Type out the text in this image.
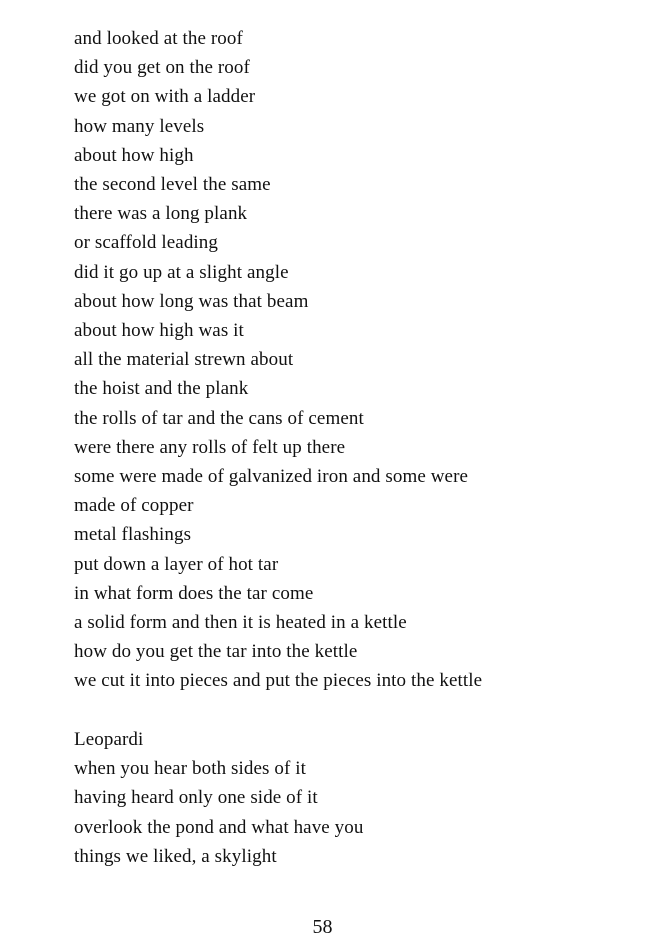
and looked at the roof
did you get on the roof
we got on with a ladder
how many levels
about how high
the second level the same
there was a long plank
or scaffold leading
did it go up at a slight angle
about how long was that beam
about how high was it
all the material strewn about
the hoist and the plank
the rolls of tar and the cans of cement
were there any rolls of felt up there
some were made of galvanized iron and some were
made of copper
metal flashings
put down a layer of hot tar
in what form does the tar come
a solid form and then it is heated in a kettle
how do you get the tar into the kettle
we cut it into pieces and put the pieces into the kettle
Leopardi
when you hear both sides of it
having heard only one side of it
overlook the pond and what have you
things we liked, a skylight
58
